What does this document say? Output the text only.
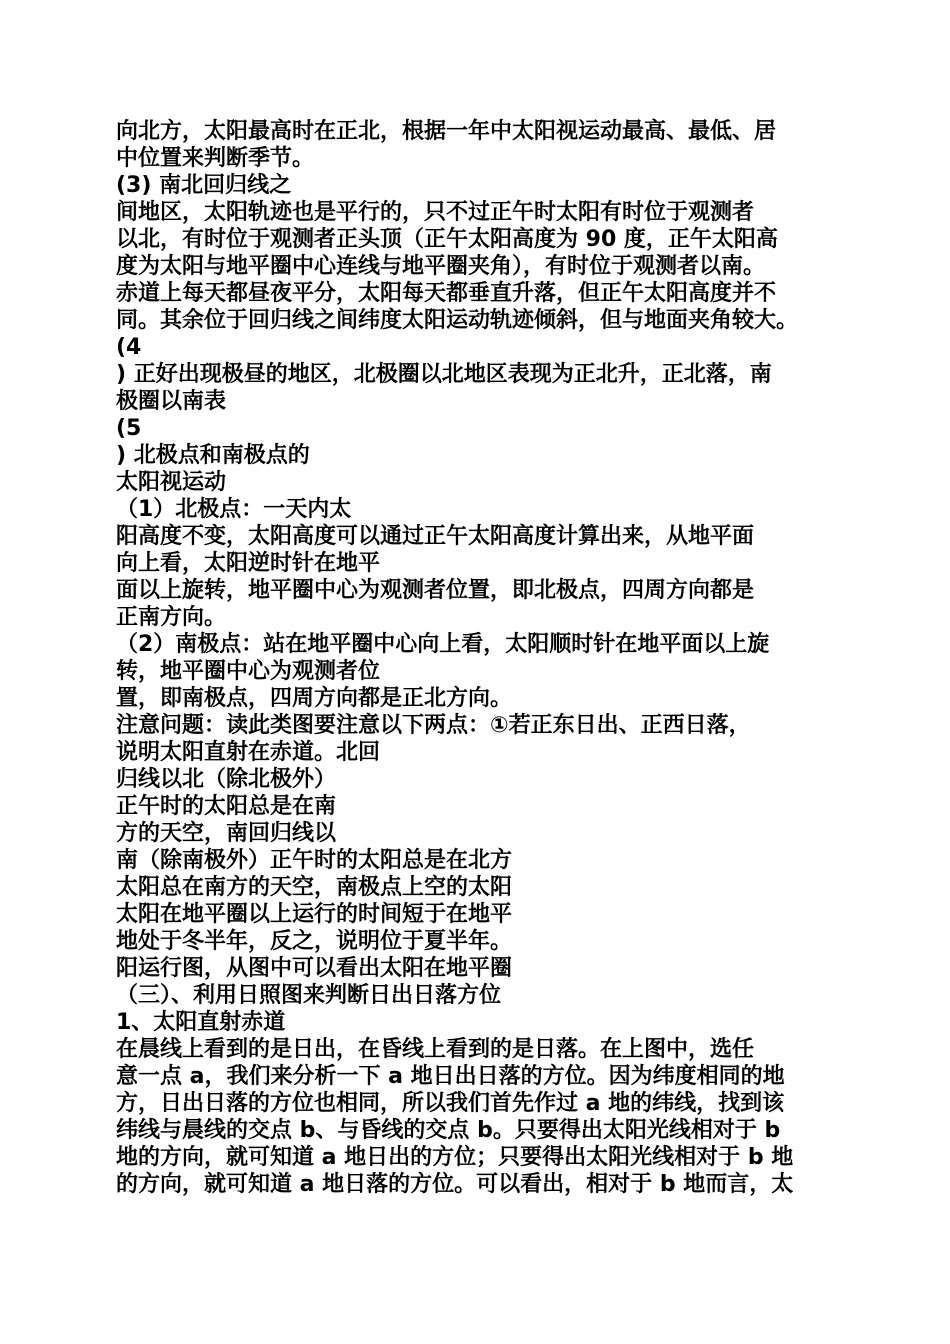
向北方，太阳最高时在正北，根据一年中太阳视运动最高、最低、居

中位置来判断季节。

(3) 南北回归线之

间地区，太阳轨迹也是平行的，只不过正午时太阳有时位于观测者

以北，有时位于观测者正头顶（正午太阳高度为 90 度，正午太阳高

度为太阳与地平圈中心连线与地平圈夹角），有时位于观测者以南。

赤道上每天都昼夜平分，太阳每天都垂直升落，但正午太阳高度并不

同。其余位于回归线之间纬度太阳运动轨迹倾斜，但与地面夹角较大。

(4

) 正好出现极昼的地区，北极圈以北地区表现为正北升，正北落，南

极圈以南表

(5

) 北极点和南极点的

太阳视运动

（1）北极点：一天内太

阳高度不变，太阳高度可以通过正午太阳高度计算出来，从地平面

向上看，太阳逆时针在地平

面以上旋转，地平圈中心为观测者位置，即北极点，四周方向都是

正南方向。

（2）南极点：站在地平圈中心向上看，太阳顺时针在地平面以上旋

转，地平圈中心为观测者位

置，即南极点，四周方向都是正北方向。

注意问题：读此类图要注意以下两点：①若正东日出、正西日落，

说明太阳直射在赤道。北回

归线以北（除北极外）

正午时的太阳总是在南

方的天空，南回归线以

南（除南极外）正午时的太阳总是在北方

太阳总在南方的天空，南极点上空的太阳

太阳在地平圈以上运行的时间短于在地平

地处于冬半年，反之，说明位于夏半年。

阳运行图，从图中可以看出太阳在地平圈

（三）、利用日照图来判断日出日落方位

1、太阳直射赤道

在晨线上看到的是日出，在昏线上看到的是日落。在上图中，选任

意一点 a，我们来分析一下 a 地日出日落的方位。因为纬度相同的地

方，日出日落的方位也相同，所以我们首先作过 a 地的纬线，找到该

纬线与晨线的交点 b、与昏线的交点 b。只要得出太阳光线相对于 b

地的方向，就可知道 a 地日出的方位；只要得出太阳光线相对于 b 地

的方向，就可知道 a 地日落的方位。可以看出，相对于 b 地而言，太
